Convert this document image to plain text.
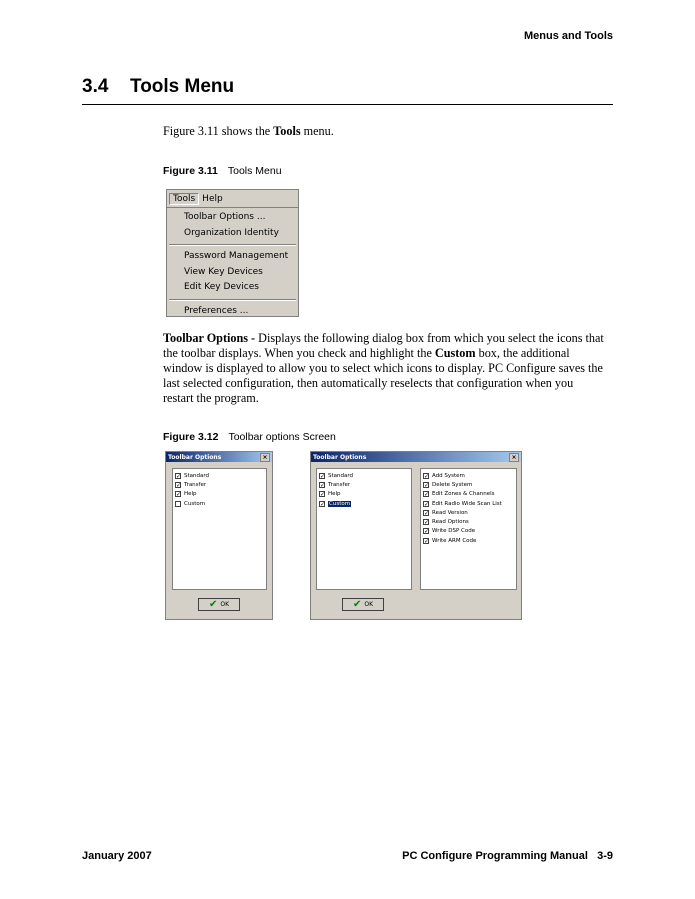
Menus and Tools
3.4 Tools Menu
Figure 3.11 shows the Tools menu.
Figure 3.11 Tools Menu
Tools Help
Toolbar Options ...
Organization Identity
Password Management
View Key Devices
Edit Key Devices
Preferences ...
Toolbar Options - Displays the following dialog box from which you select the icons that
the toolbar displays. When you check and highlight the Custom box, the additional
window is displayed to allow you to select which icons to display. PC Configure saves the
last selected configuration, then automatically reselects that configuration when you
restart the program.
Figure 3.12 Toolbar options Screen
Toolbar Options	×
✓ Standard
✓ Transfer
✓ Help
Custom
✔ OK
Toolbar Options	×
✓ Standard
✓ Transfer
✓ Help
✓ Custom
✓ Add System
✓ Delete System
✓ Edit Zones & Channels
✓ Edit Radio Wide Scan List
✓ Read Version
✓ Read Options
✓ Write DSP Code
✓ Write ARM Code
✔ OK
January 2007	PC Configure Programming Manual 3-9
